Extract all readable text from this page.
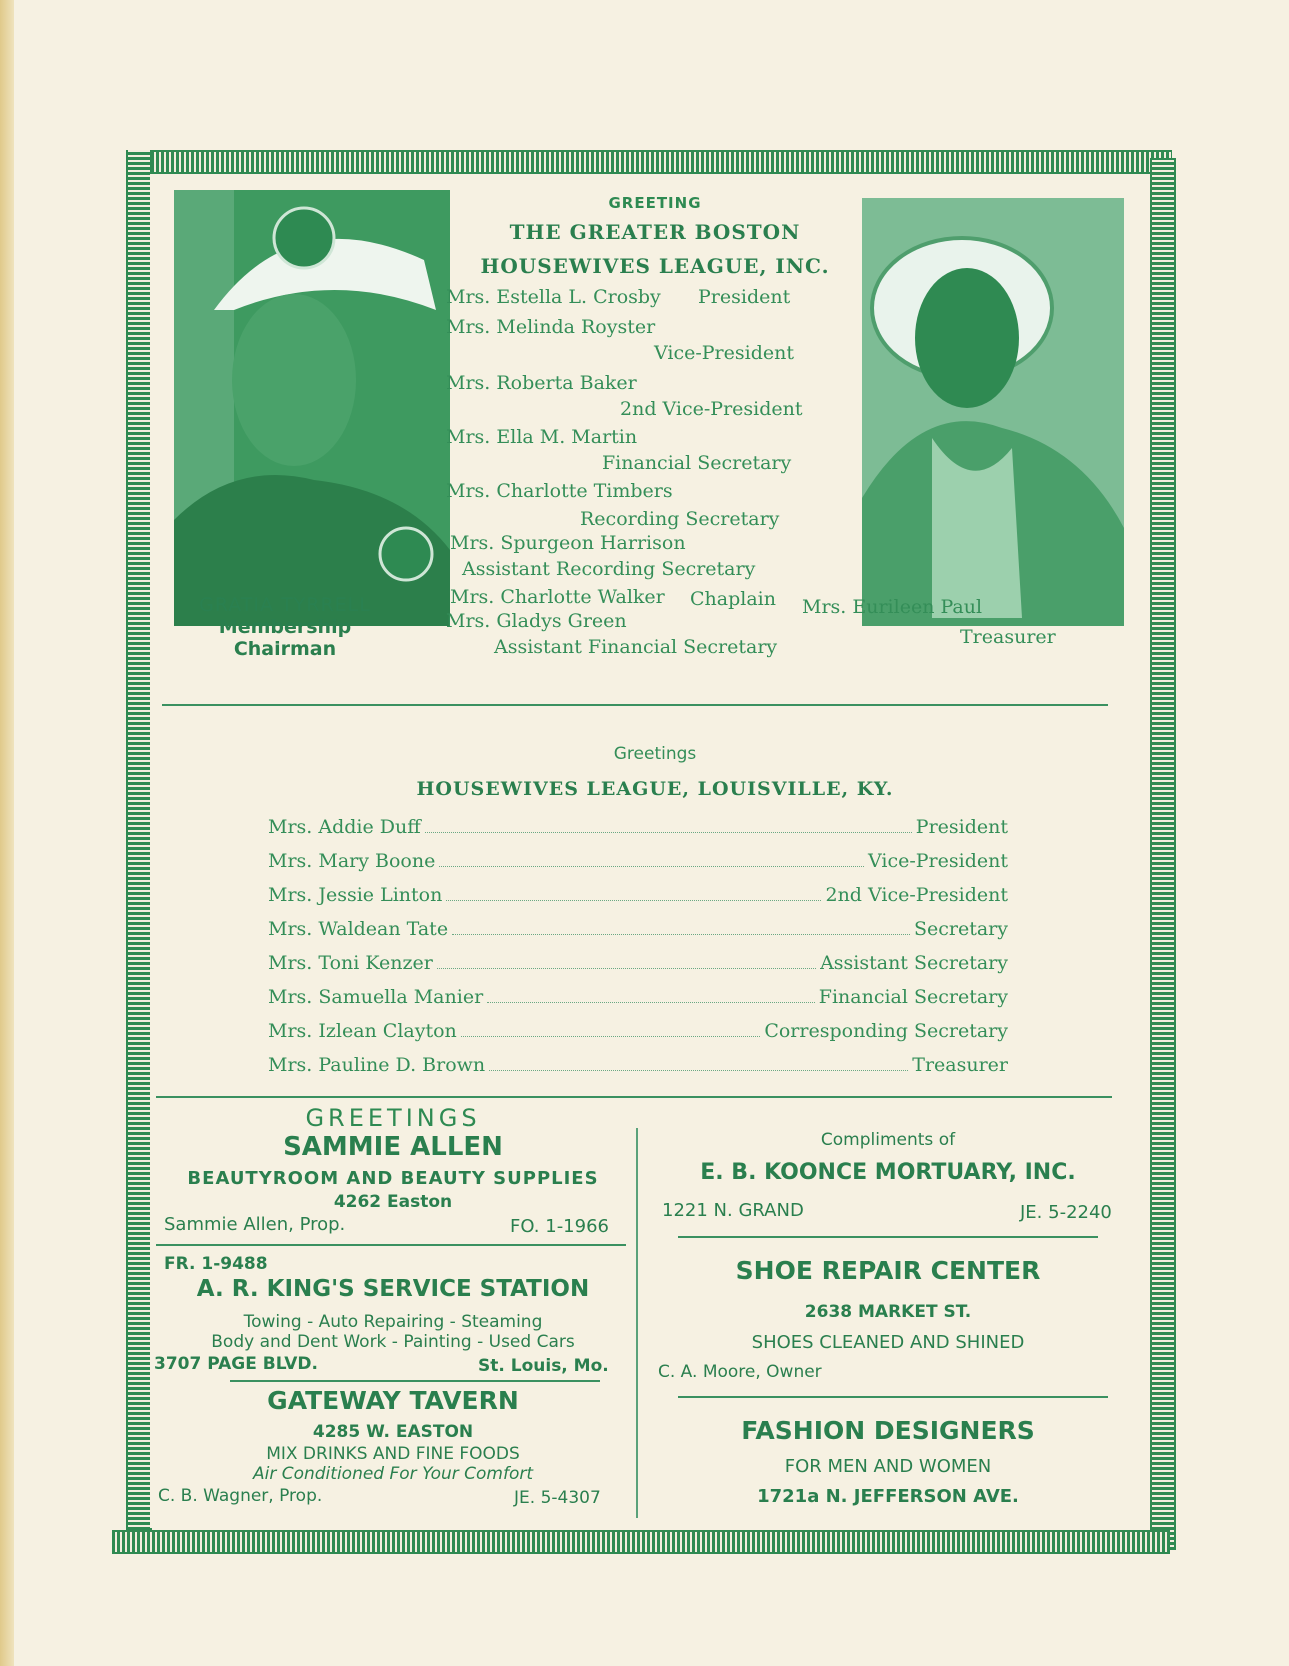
GRATIA TYRRELL
Membership Chairman
Mrs. Eurileen Paul
Treasurer
GREETING
THE GREATER BOSTON
HOUSEWIVES LEAGUE, INC.
Mrs. Estella L. Crosby President
Mrs. Melinda Royster
Vice-President
Mrs. Roberta Baker
2nd Vice-President
Mrs. Ella M. Martin
Financial Secretary
Mrs. Charlotte Timbers
Recording Secretary
Mrs. Spurgeon Harrison
Assistant Recording Secretary
Mrs. Charlotte Walker Chaplain
Mrs. Gladys Green
Assistant Financial Secretary
Greetings
HOUSEWIVES LEAGUE, LOUISVILLE, KY.
Mrs. Addie Duff	President
Mrs. Mary Boone	Vice-President
Mrs. Jessie Linton	2nd Vice-President
Mrs. Waldean Tate	Secretary
Mrs. Toni Kenzer	Assistant Secretary
Mrs. Samuella Manier	Financial Secretary
Mrs. Izlean Clayton	Corresponding Secretary
Mrs. Pauline D. Brown	Treasurer
GREETINGS
SAMMIE ALLEN
BEAUTYROOM AND BEAUTY SUPPLIES
4262 Easton
Sammie Allen, Prop.	FO. 1-1966
FR. 1-9488
A. R. KING'S SERVICE STATION
Towing - Auto Repairing - Steaming
Body and Dent Work - Painting - Used Cars
3707 PAGE BLVD.	St. Louis, Mo.
GATEWAY TAVERN
4285 W. EASTON
MIX DRINKS AND FINE FOODS
Air Conditioned For Your Comfort
C. B. Wagner, Prop.	JE. 5-4307
Compliments of
E. B. KOONCE MORTUARY, INC.
1221 N. GRAND	JE. 5-2240
SHOE REPAIR CENTER
2638 MARKET ST.
SHOES CLEANED AND SHINED
C. A. Moore, Owner
FASHION DESIGNERS
FOR MEN AND WOMEN
1721a N. JEFFERSON AVE.
